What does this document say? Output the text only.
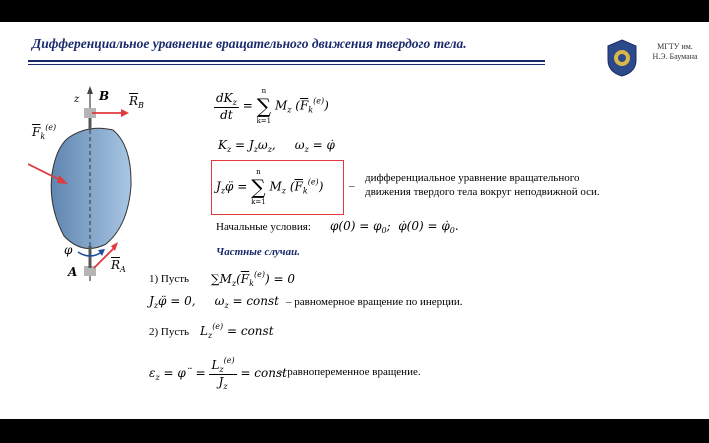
Дифференциальное уравнение вращательного движения твердого тела.	МГТУ им.
Н.Э. Баумана
z B $\overline{R}_B$
$\overline{F}_k^{(e)}$
φ
A	$\overline{R}_A$
$\frac{dK_z}{dt}$ =
n
∑
k=1
$M_z$ $(\overline{F}_k^{(e)})$
$K_z = J_z\omega_z$,     $\omega_z$ = φ̇
$J_z\varphï$ =
n
∑
k=1
$M_z$ $(\overline{F}_k^{(e)})$ –
дифференциальное уравнение вращательного
движения твердого тела вокруг неподвижной оси.
Начальные условия: $\varphi(0) = \varphi_0$;  φ̇(0) = $\varphi̇_0$.
Частные случаи.
1) Пусть $\sum M_z(\overline{F}_k^{(e)}) = 0$
$J_z\varphï = 0$,     $\omega_z$ = const – равномерное вращение по инерции.
2) Пусть $L_z^{(e)}$ = const
$\varepsilon_z$ = φ¨ = $\frac{L_z^{(e)}}{J_z}$ = const
– равнопеременное вращение.
